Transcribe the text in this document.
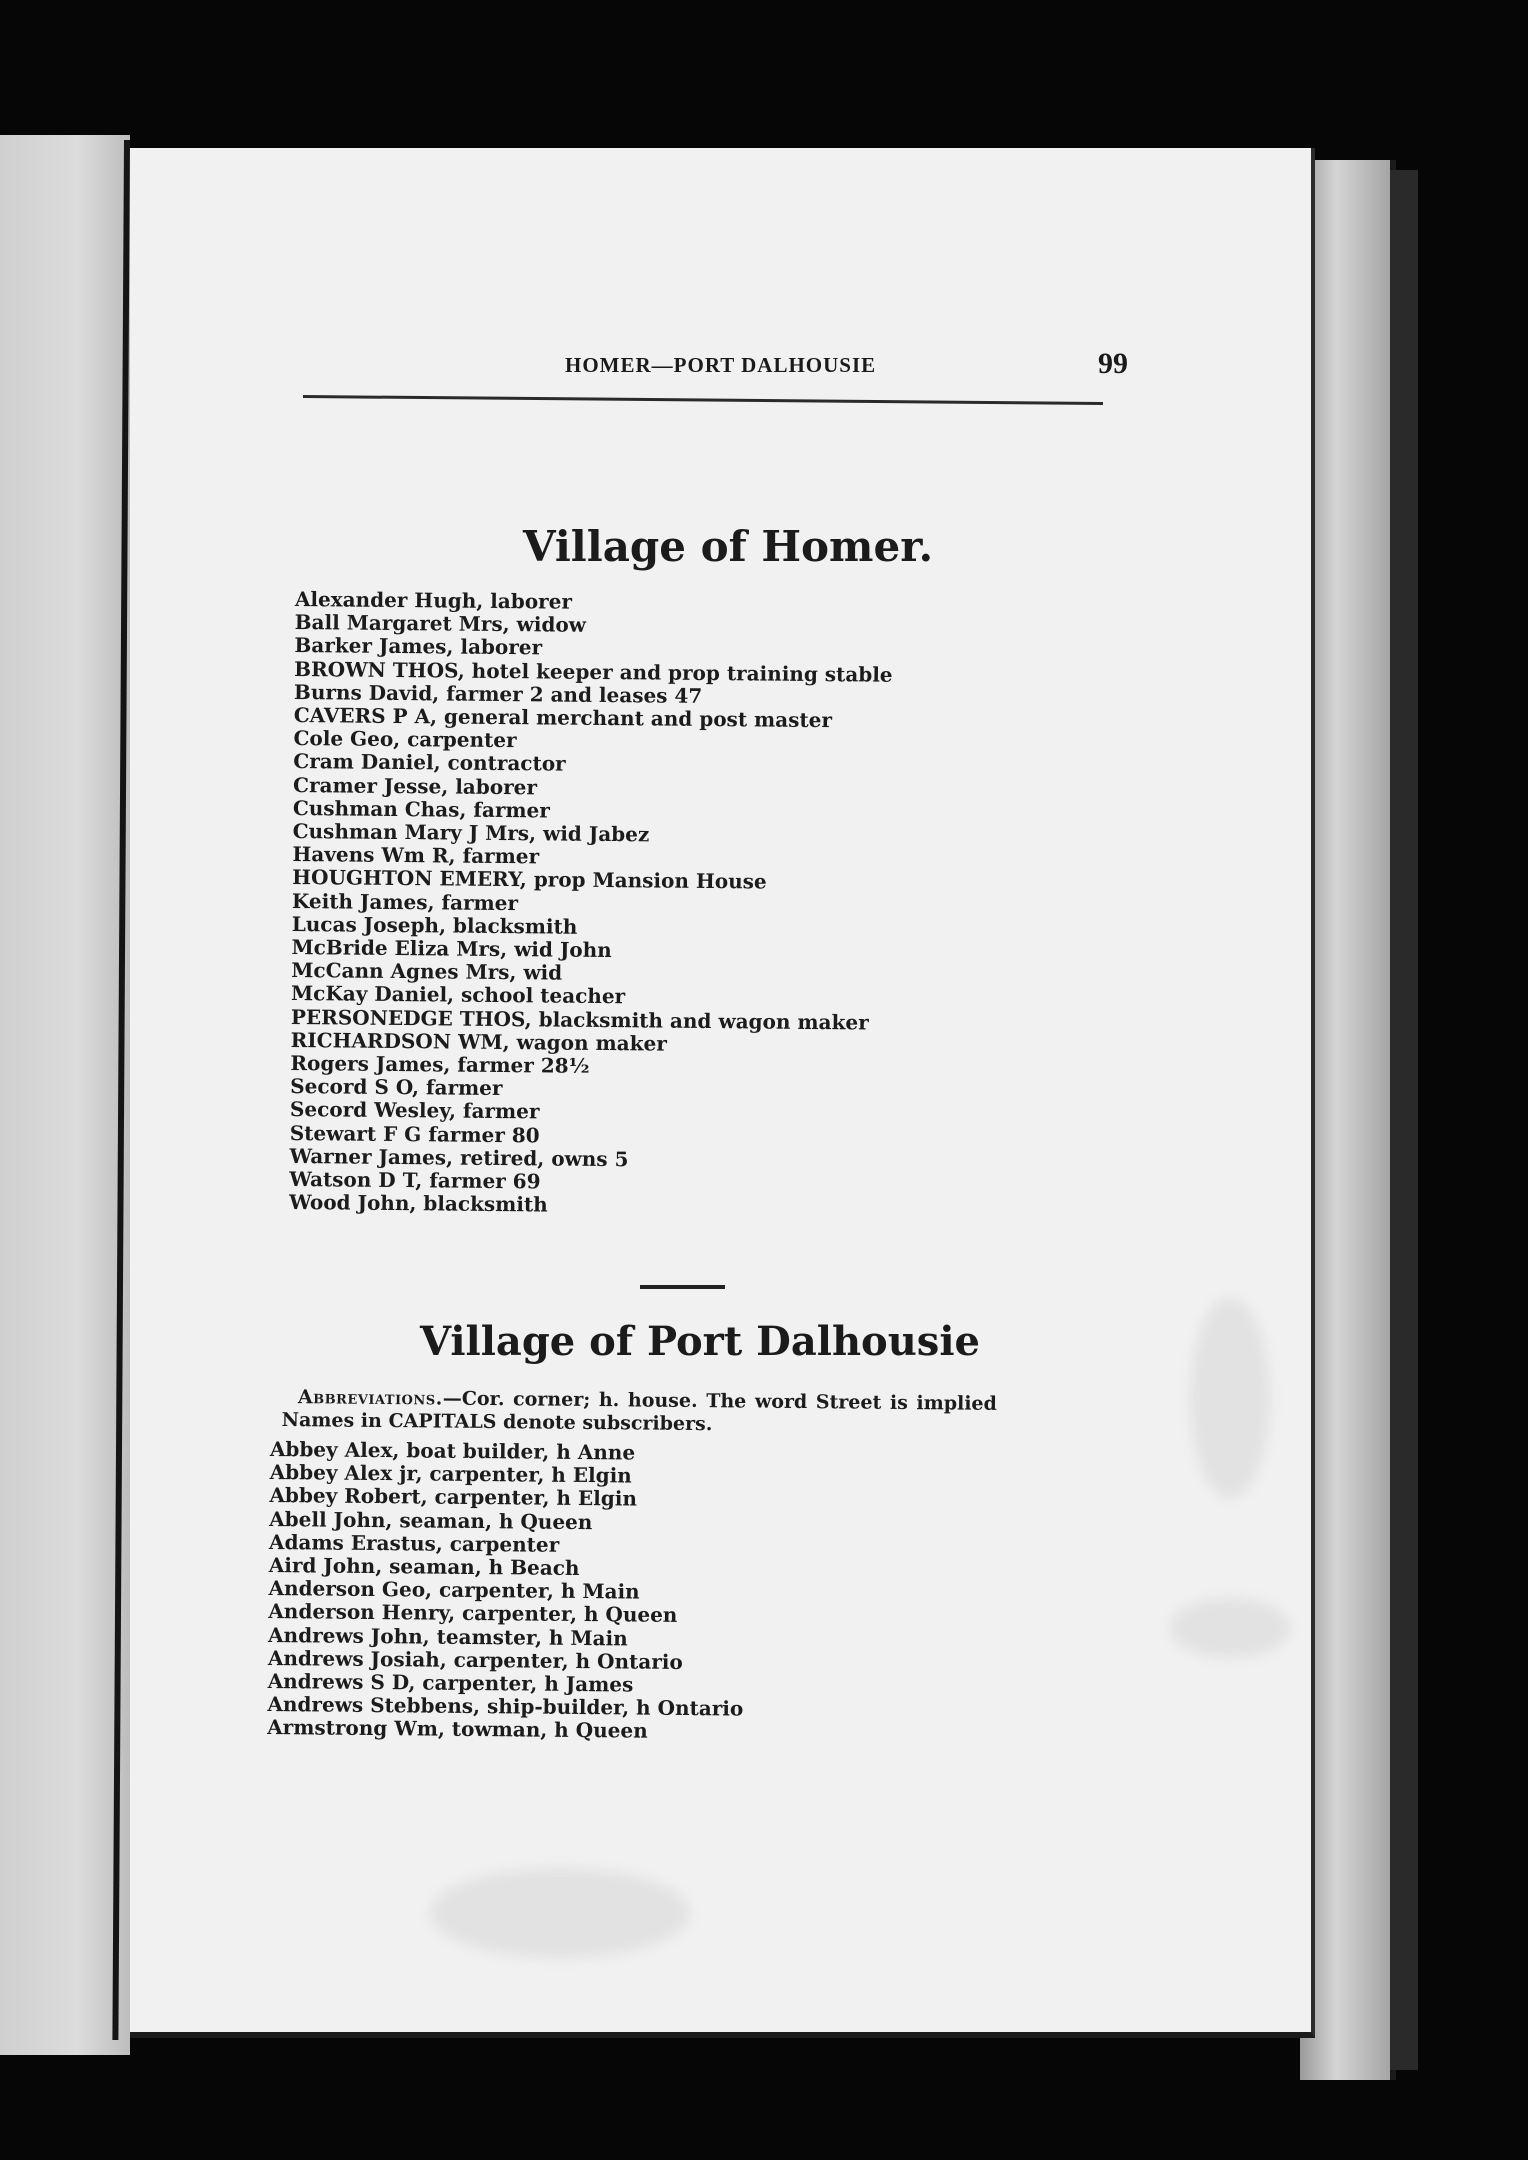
HOMER—PORT DALHOUSIE	99
Village of Homer.
Alexander Hugh, laborer
Ball Margaret Mrs, widow
Barker James, laborer
BROWN THOS, hotel keeper and prop training stable
Burns David, farmer 2 and leases 47
CAVERS P A, general merchant and post master
Cole Geo, carpenter
Cram Daniel, contractor
Cramer Jesse, laborer
Cushman Chas, farmer
Cushman Mary J Mrs, wid Jabez
Havens Wm R, farmer
HOUGHTON EMERY, prop Mansion House
Keith James, farmer
Lucas Joseph, blacksmith
McBride Eliza Mrs, wid John
McCann Agnes Mrs, wid
McKay Daniel, school teacher
PERSONEDGE THOS, blacksmith and wagon maker
RICHARDSON WM, wagon maker
Rogers James, farmer 28½
Secord S O, farmer
Secord Wesley, farmer
Stewart F G farmer 80
Warner James, retired, owns 5
Watson D T, farmer 69
Wood John, blacksmith
Village of Port Dalhousie
Abbreviations.—Cor. corner; h. house. The word Street is implied
Names in CAPITALS denote subscribers.
Abbey Alex, boat builder, h Anne
Abbey Alex jr, carpenter, h Elgin
Abbey Robert, carpenter, h Elgin
Abell John, seaman, h Queen
Adams Erastus, carpenter
Aird John, seaman, h Beach
Anderson Geo, carpenter, h Main
Anderson Henry, carpenter, h Queen
Andrews John, teamster, h Main
Andrews Josiah, carpenter, h Ontario
Andrews S D, carpenter, h James
Andrews Stebbens, ship-builder, h Ontario
Armstrong Wm, towman, h Queen
